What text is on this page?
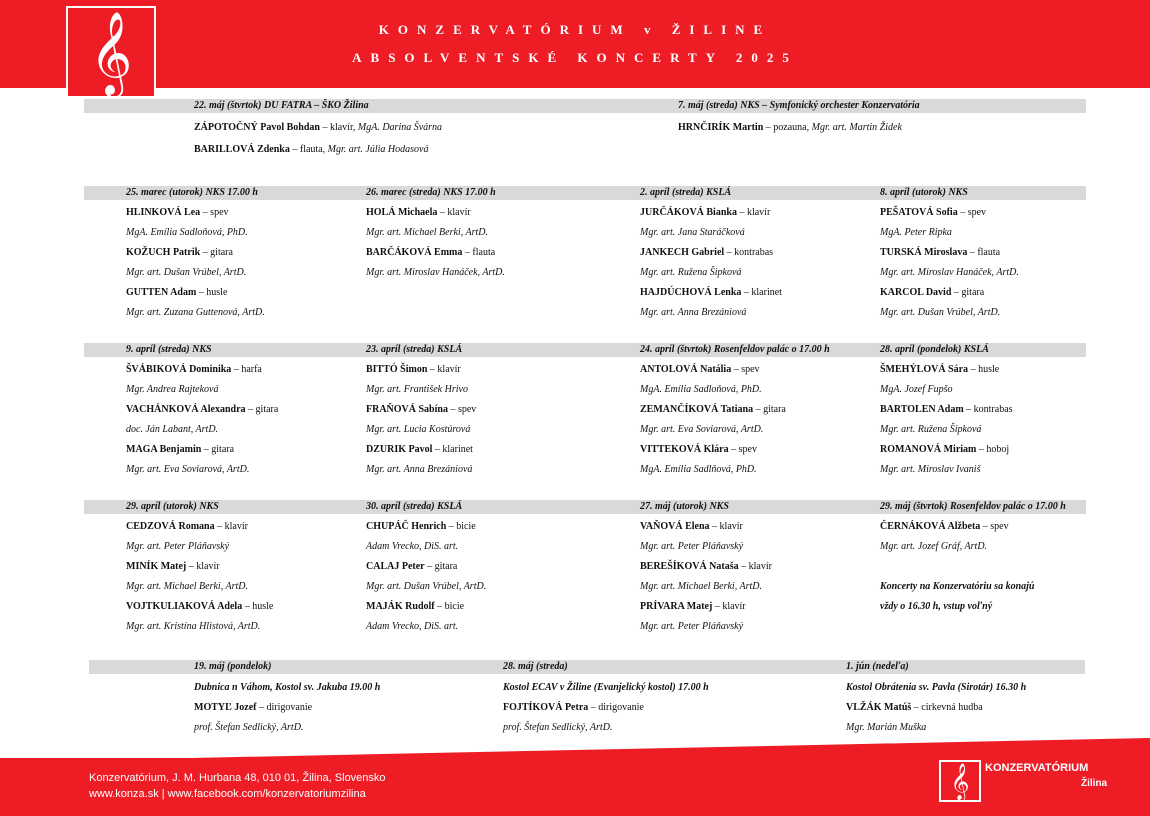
KONZERVATÓRIUM v ŽILINE
ABSOLVENTSKÉ KONCERTY 2025
𝄞
22. máj (štvrtok) DU FATRA – ŠKO Žilina	7. máj (streda) NKS – Symfonický orchester Konzervatória
ZÁPOTOČNÝ Pavol Bohdan – klavír, MgA. Darina Švárna
BARILLOVÁ Zdenka – flauta, Mgr. art. Júlia Hodasová
HRNČIRÍK Martin – pozauna, Mgr. art. Martin Židek
25. marec (utorok) NKS 17.00 h
HLINKOVÁ Lea – spev
MgA. Emília Sadloňová, PhD.
KOŽUCH Patrik – gitara
Mgr. art. Dušan Vrúbel, ArtD.
GUTTEN Adam – husle
Mgr. art. Zuzana Guttenová, ArtD.
26. marec (streda) NKS 17.00 h
HOLÁ Michaela – klavír
Mgr. art. Michael Berki, ArtD.
BARČÁKOVÁ Emma – flauta
Mgr. art. Miroslav Hanáček, ArtD.
2. apríl (streda) KSLÁ
JURČÁKOVÁ Bianka – klavír
Mgr. art. Jana Staráčková
JANKECH Gabriel – kontrabas
Mgr. art. Ružena Šipková
HAJDÚCHOVÁ Lenka – klarinet
Mgr. art. Anna Brezániová
8. apríl (utorok) NKS
PEŠATOVÁ Sofia – spev
MgA. Peter Ripka
TURSKÁ Miroslava – flauta
Mgr. art. Miroslav Hanáček, ArtD.
KARCOL David – gitara
Mgr. art. Dušan Vrúbel, ArtD.
9. apríl (streda) NKS
ŠVÁBIKOVÁ Dominika – harfa
Mgr. Andrea Rajteková
VACHÁNKOVÁ Alexandra – gitara
doc. Ján Labant, ArtD.
MAGA Benjamin – gitara
Mgr. art. Eva Soviarová, ArtD.
23. apríl (streda) KSLÁ
BITTÓ Šimon – klavír
Mgr. art. František Hrivo
FRAŇOVÁ Sabína – spev
Mgr. art. Lucia Kostúrová
DZURIK Pavol – klarinet
Mgr. art. Anna Brezániová
24. apríl (štvrtok) Rosenfeldov palác o 17.00 h
ANTOLOVÁ Natália – spev
MgA. Emília Sadloňová, PhD.
ZEMANČÍKOVÁ Tatiana – gitara
Mgr. art. Eva Soviarová, ArtD.
VITTEKOVÁ Klára – spev
MgA. Emília Sadlňová, PhD.
28. apríl (pondelok) KSLÁ
ŠMEHÝLOVÁ Sára – husle
MgA. Jozef Fupšo
BARTOLEN Adam – kontrabas
Mgr. art. Ružena Šipková
ROMANOVÁ Miriam – hoboj
Mgr. art. Miroslav Ivaniš
29. apríl (utorok) NKS
CEDZOVÁ Romana – klavír
Mgr. art. Peter Pláňavský
MINÍK Matej – klavír
Mgr. art. Michael Berki, ArtD.
VOJTKULIAKOVÁ Adela – husle
Mgr. art. Kristína Hlistová, ArtD.
30. apríl (streda) KSLÁ
CHUPÁČ Henrich – bicie
Adam Vrecko, DiS. art.
CALAJ Peter – gitara
Mgr. art. Dušan Vrúbel, ArtD.
MAJÁK Rudolf – bicie
Adam Vrecko, DiS. art.
27. máj (utorok) NKS
VAŇOVÁ Elena – klavír
Mgr. art. Peter Pláňavský
BEREŠÍKOVÁ Nataša – klavír
Mgr. art. Michael Berki, ArtD.
PRÍVARA Matej – klavír
Mgr. art. Peter Pláňavský
29. máj (štvrtok) Rosenfeldov palác o 17.00 h
ČERNÁKOVÁ Alžbeta – spev
Mgr. art. Jozef Gráf, ArtD.
Koncerty na Konzervatóriu sa konajú
vždy o 16.30 h, vstup voľný
19. máj (pondelok)
Dubnica n Váhom, Kostol sv. Jakuba 19.00 h
MOTYĽ Jozef – dirigovanie
prof. Štefan Sedlický, ArtD.
28. máj (streda)
Kostol ECAV v Žiline (Evanjelický kostol) 17.00 h
FOJTÍKOVÁ Petra – dirigovanie
prof. Štefan Sedlický, ArtD.
1. jún (nedeľa)
Kostol Obrátenia sv. Pavla (Sirotár) 16.30 h
VLŽÁK Matúš – cirkevná hudba
Mgr. Marián Muška
Konzervatórium, J. M. Hurbana 48, 010 01, Žilina, Slovensko
www.konza.sk | www.facebook.com/konzervatoriumzilina	𝄞 KONZERVATÓRIUM
Žilina
